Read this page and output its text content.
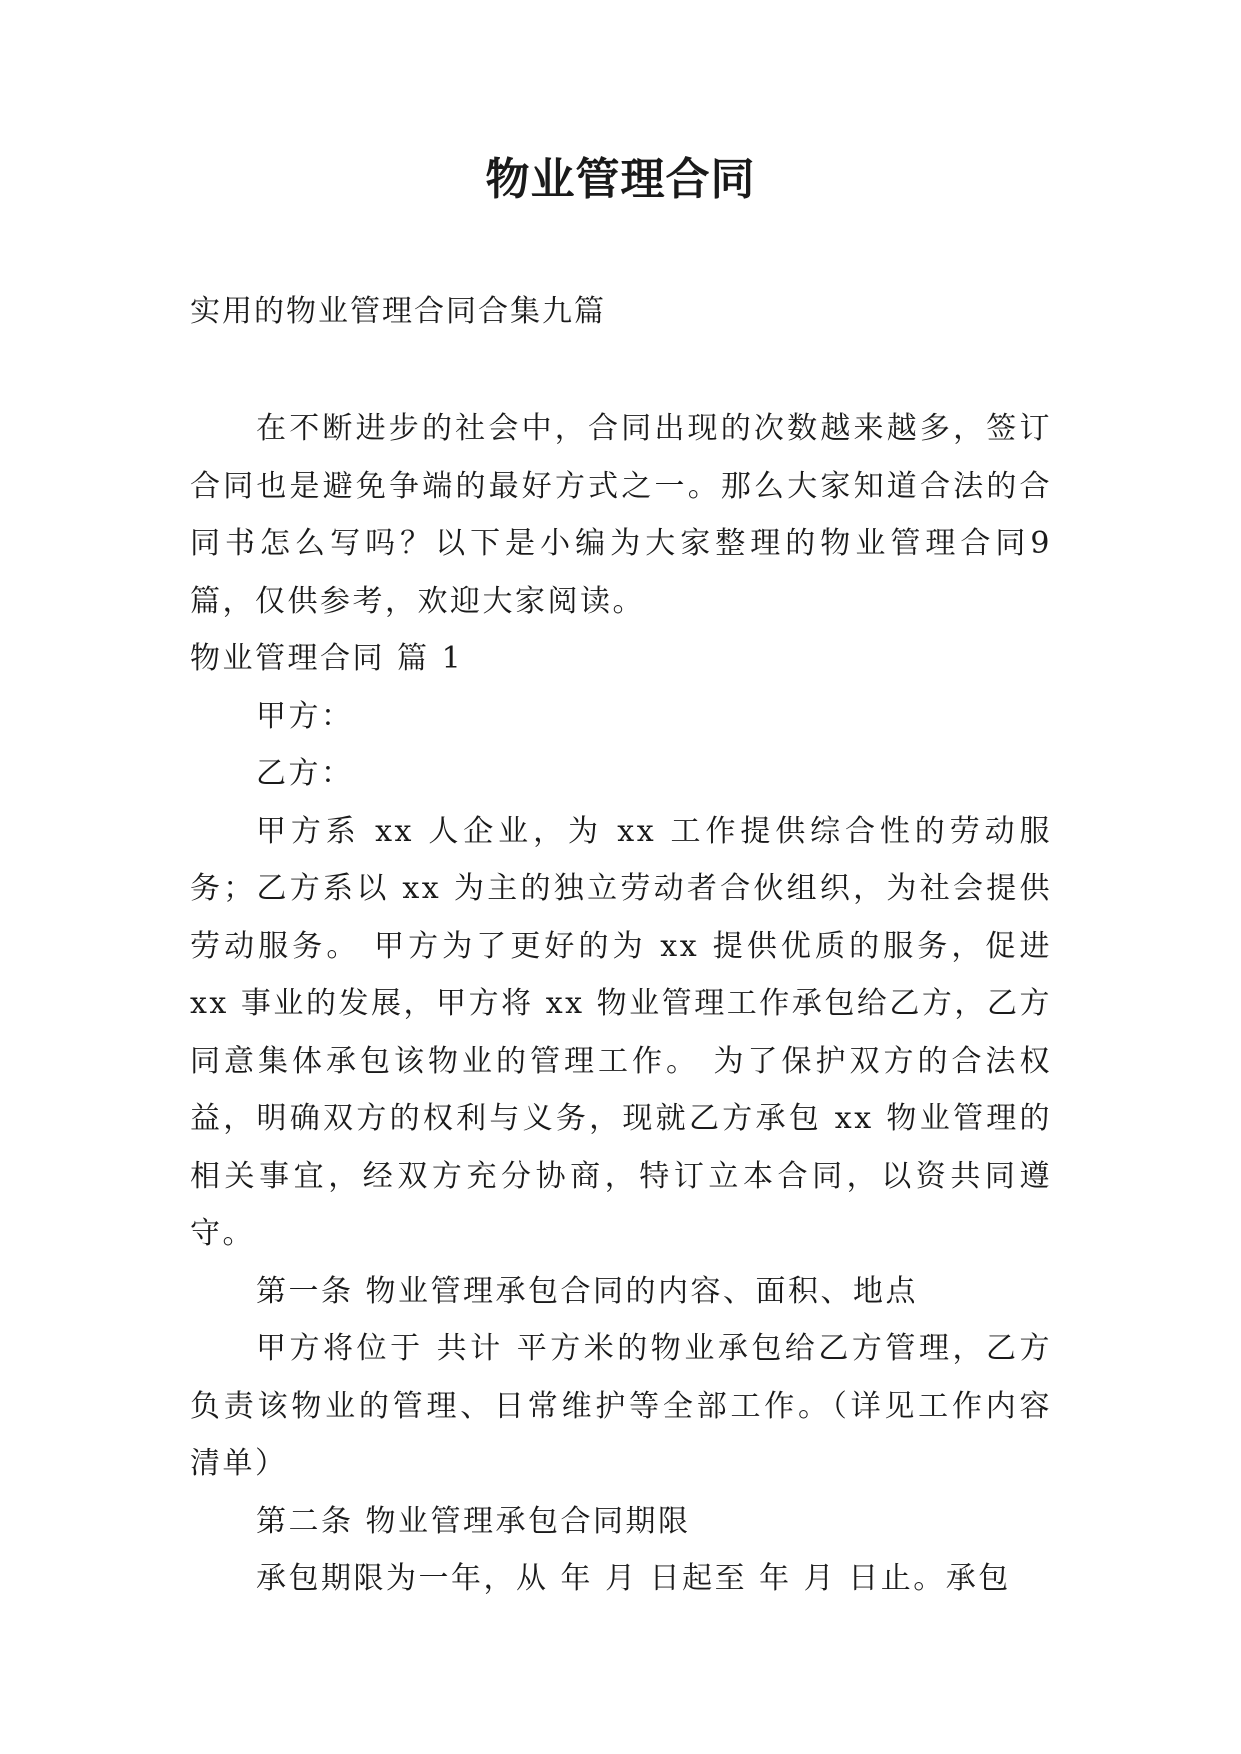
物业管理合同
实用的物业管理合同合集九篇

在不断进步的社会中，合同出现的次数越来越多，签订合同也是避免争端的最好方式之一。那么大家知道合法的合同书怎么写吗？以下是小编为大家整理的物业管理合同9篇，仅供参考，欢迎大家阅读。

物业管理合同 篇 1

甲方：

乙方：

甲方系 xx 人企业，为 xx 工作提供综合性的劳动服务；乙方系以 xx 为主的独立劳动者合伙组织，为社会提供劳动服务。 甲方为了更好的为 xx 提供优质的服务，促进 xx 事业的发展，甲方将 xx 物业管理工作承包给乙方，乙方同意集体承包该物业的管理工作。 为了保护双方的合法权益，明确双方的权利与义务，现就乙方承包 xx 物业管理的相关事宜，经双方充分协商，特订立本合同，以资共同遵守。

第一条 物业管理承包合同的内容、面积、地点

甲方将位于 共计 平方米的物业承包给乙方管理，乙方负责该物业的管理、日常维护等全部工作。（详见工作内容清单）

第二条 物业管理承包合同期限

承包期限为一年，从 年 月 日起至 年 月 日止。承包
